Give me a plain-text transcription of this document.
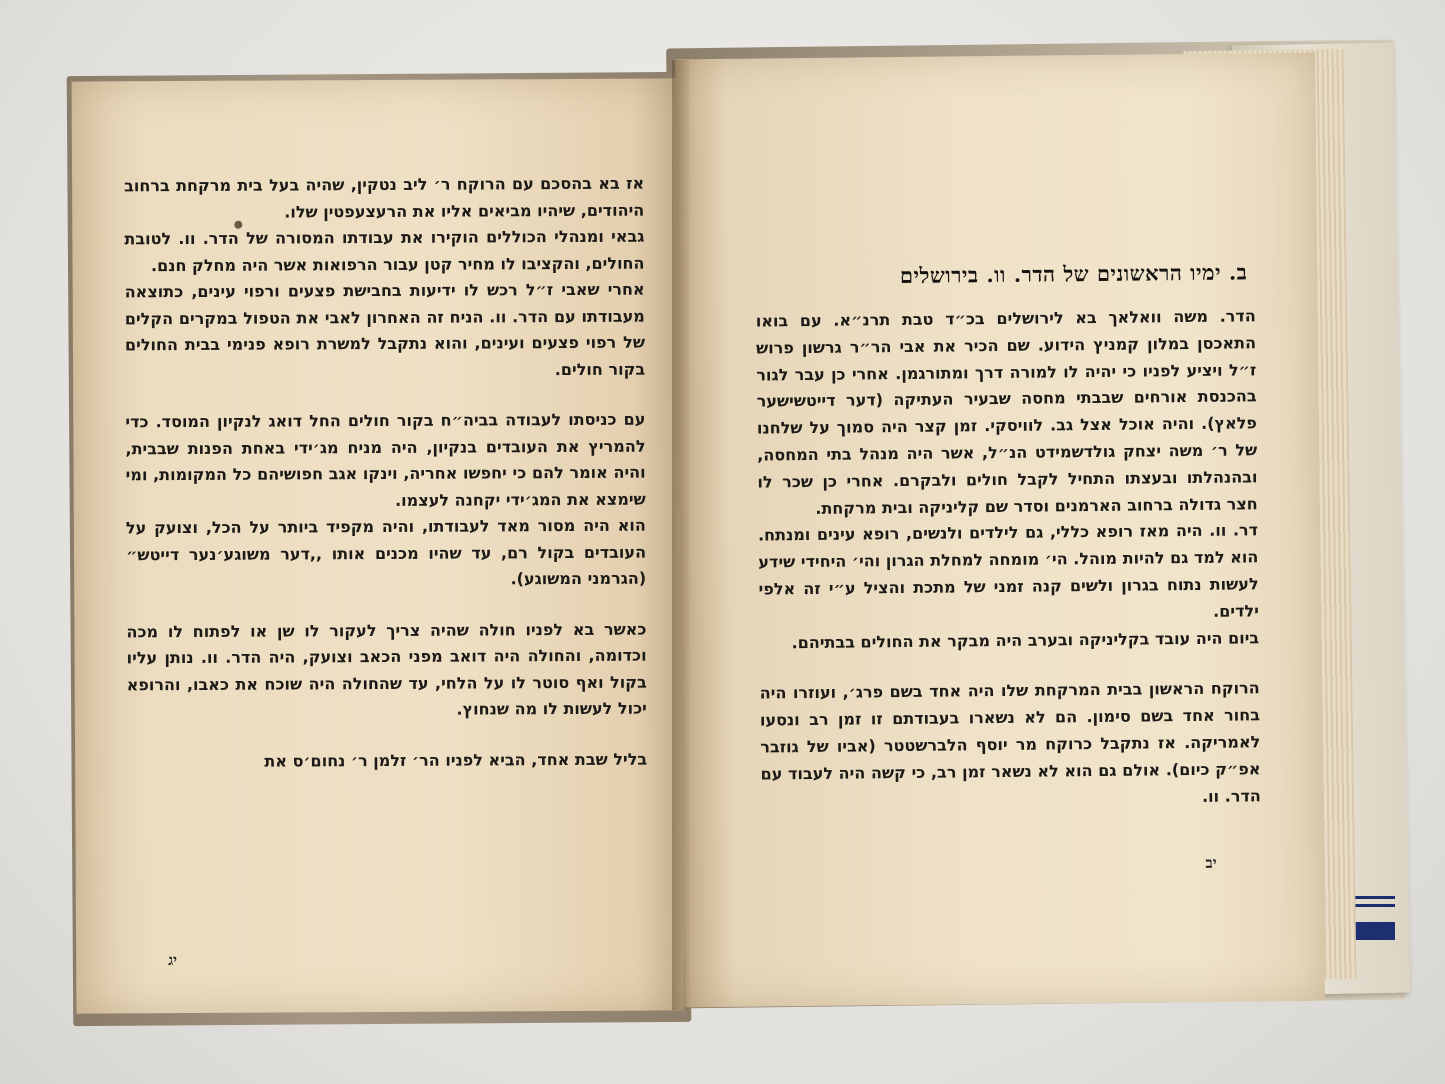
אז בא בהסכם עם הרוקח ר׳ ליב נטקין, שהיה בעל בית מרקחת ברחוב היהודים, שיהיו מביאים אליו את הרעצעפטין שלו.

גבאי ומנהלי הכוללים הוקירו את עבודתו המסורה של הדר. וו. לטובת החולים, והקציבו לו מחיר קטן עבור הרפואות אשר היה מחלק חנם.

אחרי שאבי ז״ל רכש לו ידיעות בחבישת פצעים ורפוי עינים, כתוצאה מעבודתו עם הדר. וו. הניח זה האחרון לאבי את הטפול במקרים הקלים של רפוי פצעים ועינים, והוא נתקבל למשרת רופא פנימי בבית החולים בקור חולים.

עם כניסתו לעבודה בביה״ח בקור חולים החל דואג לנקיון המוסד. כדי להמריץ את העובדים בנקיון, היה מניח מג׳ידי באחת הפנות שבבית, והיה אומר להם כי יחפשו אחריה, וינקו אגב חפושיהם כל המקומות, ומי שימצא את המג׳ידי יקחנה לעצמו.

הוא היה מסור מאד לעבודתו, והיה מקפיד ביותר על הכל, וצועק על העובדים בקול רם, עד שהיו מכנים אותו ,,דער משוגע׳נער דייטש״ (הגרמני המשוגע).

כאשר בא לפניו חולה שהיה צריך לעקור לו שן או לפתוח לו מכה וכדומה, והחולה היה דואב מפני הכאב וצועק, היה הדר. וו. נותן עליו בקול ואף סוטר לו על הלחי, עד שהחולה היה שוכח את כאבו, והרופא יכול לעשות לו מה שנחוץ.

בליל שבת אחד, הביא לפניו הר׳ זלמן ר׳ נחום׳ס את

יג
ב. ימיו הראשונים של הדר. וו. בירושלים

הדר. משה וואלאך בא לירושלים בכ״ד טבת תרנ״א. עם בואו התאכסן במלון קמניץ הידוע. שם הכיר את אבי הר״ר גרשון פרוש ז״ל ויציע לפניו כי יהיה לו למורה דרך ומתורגמן. אחרי כן עבר לגור בהכנסת אורחים שבבתי מחסה שבעיר העתיקה (דער דייטשישער פלאץ). והיה אוכל אצל גב. לוויסקי. זמן קצר היה סמוך על שלחנו של ר׳ משה יצחק גולדשמידט הנ״ל, אשר היה מנהל בתי המחסה, ובהנהלתו ובעצתו התחיל לקבל חולים ולבקרם. אחרי כן שכר לו חצר גדולה ברחוב הארמנים וסדר שם קליניקה ובית מרקחת.

דר. וו. היה מאז רופא כללי, גם לילדים ולנשים, רופא עינים ומנתח. הוא למד גם להיות מוהל. הי׳ מומחה למחלת הגרון והי׳ היחידי שידע לעשות נתוח בגרון ולשים קנה זמני של מתכת והציל ע״י זה אלפי ילדים.

ביום היה עובד בקליניקה ובערב היה מבקר את החולים בבתיהם.

הרוקח הראשון בבית המרקחת שלו היה אחד בשם פרג׳, ועוזרו היה בחור אחד בשם סימון. הם לא נשארו בעבודתם זו זמן רב ונסעו לאמריקה. אז נתקבל כרוקח מר יוסף הלברשטטר (אביו של גוזבר אפ״ק כיום). אולם גם הוא לא נשאר זמן רב, כי קשה היה לעבוד עם הדר. וו.

יב
